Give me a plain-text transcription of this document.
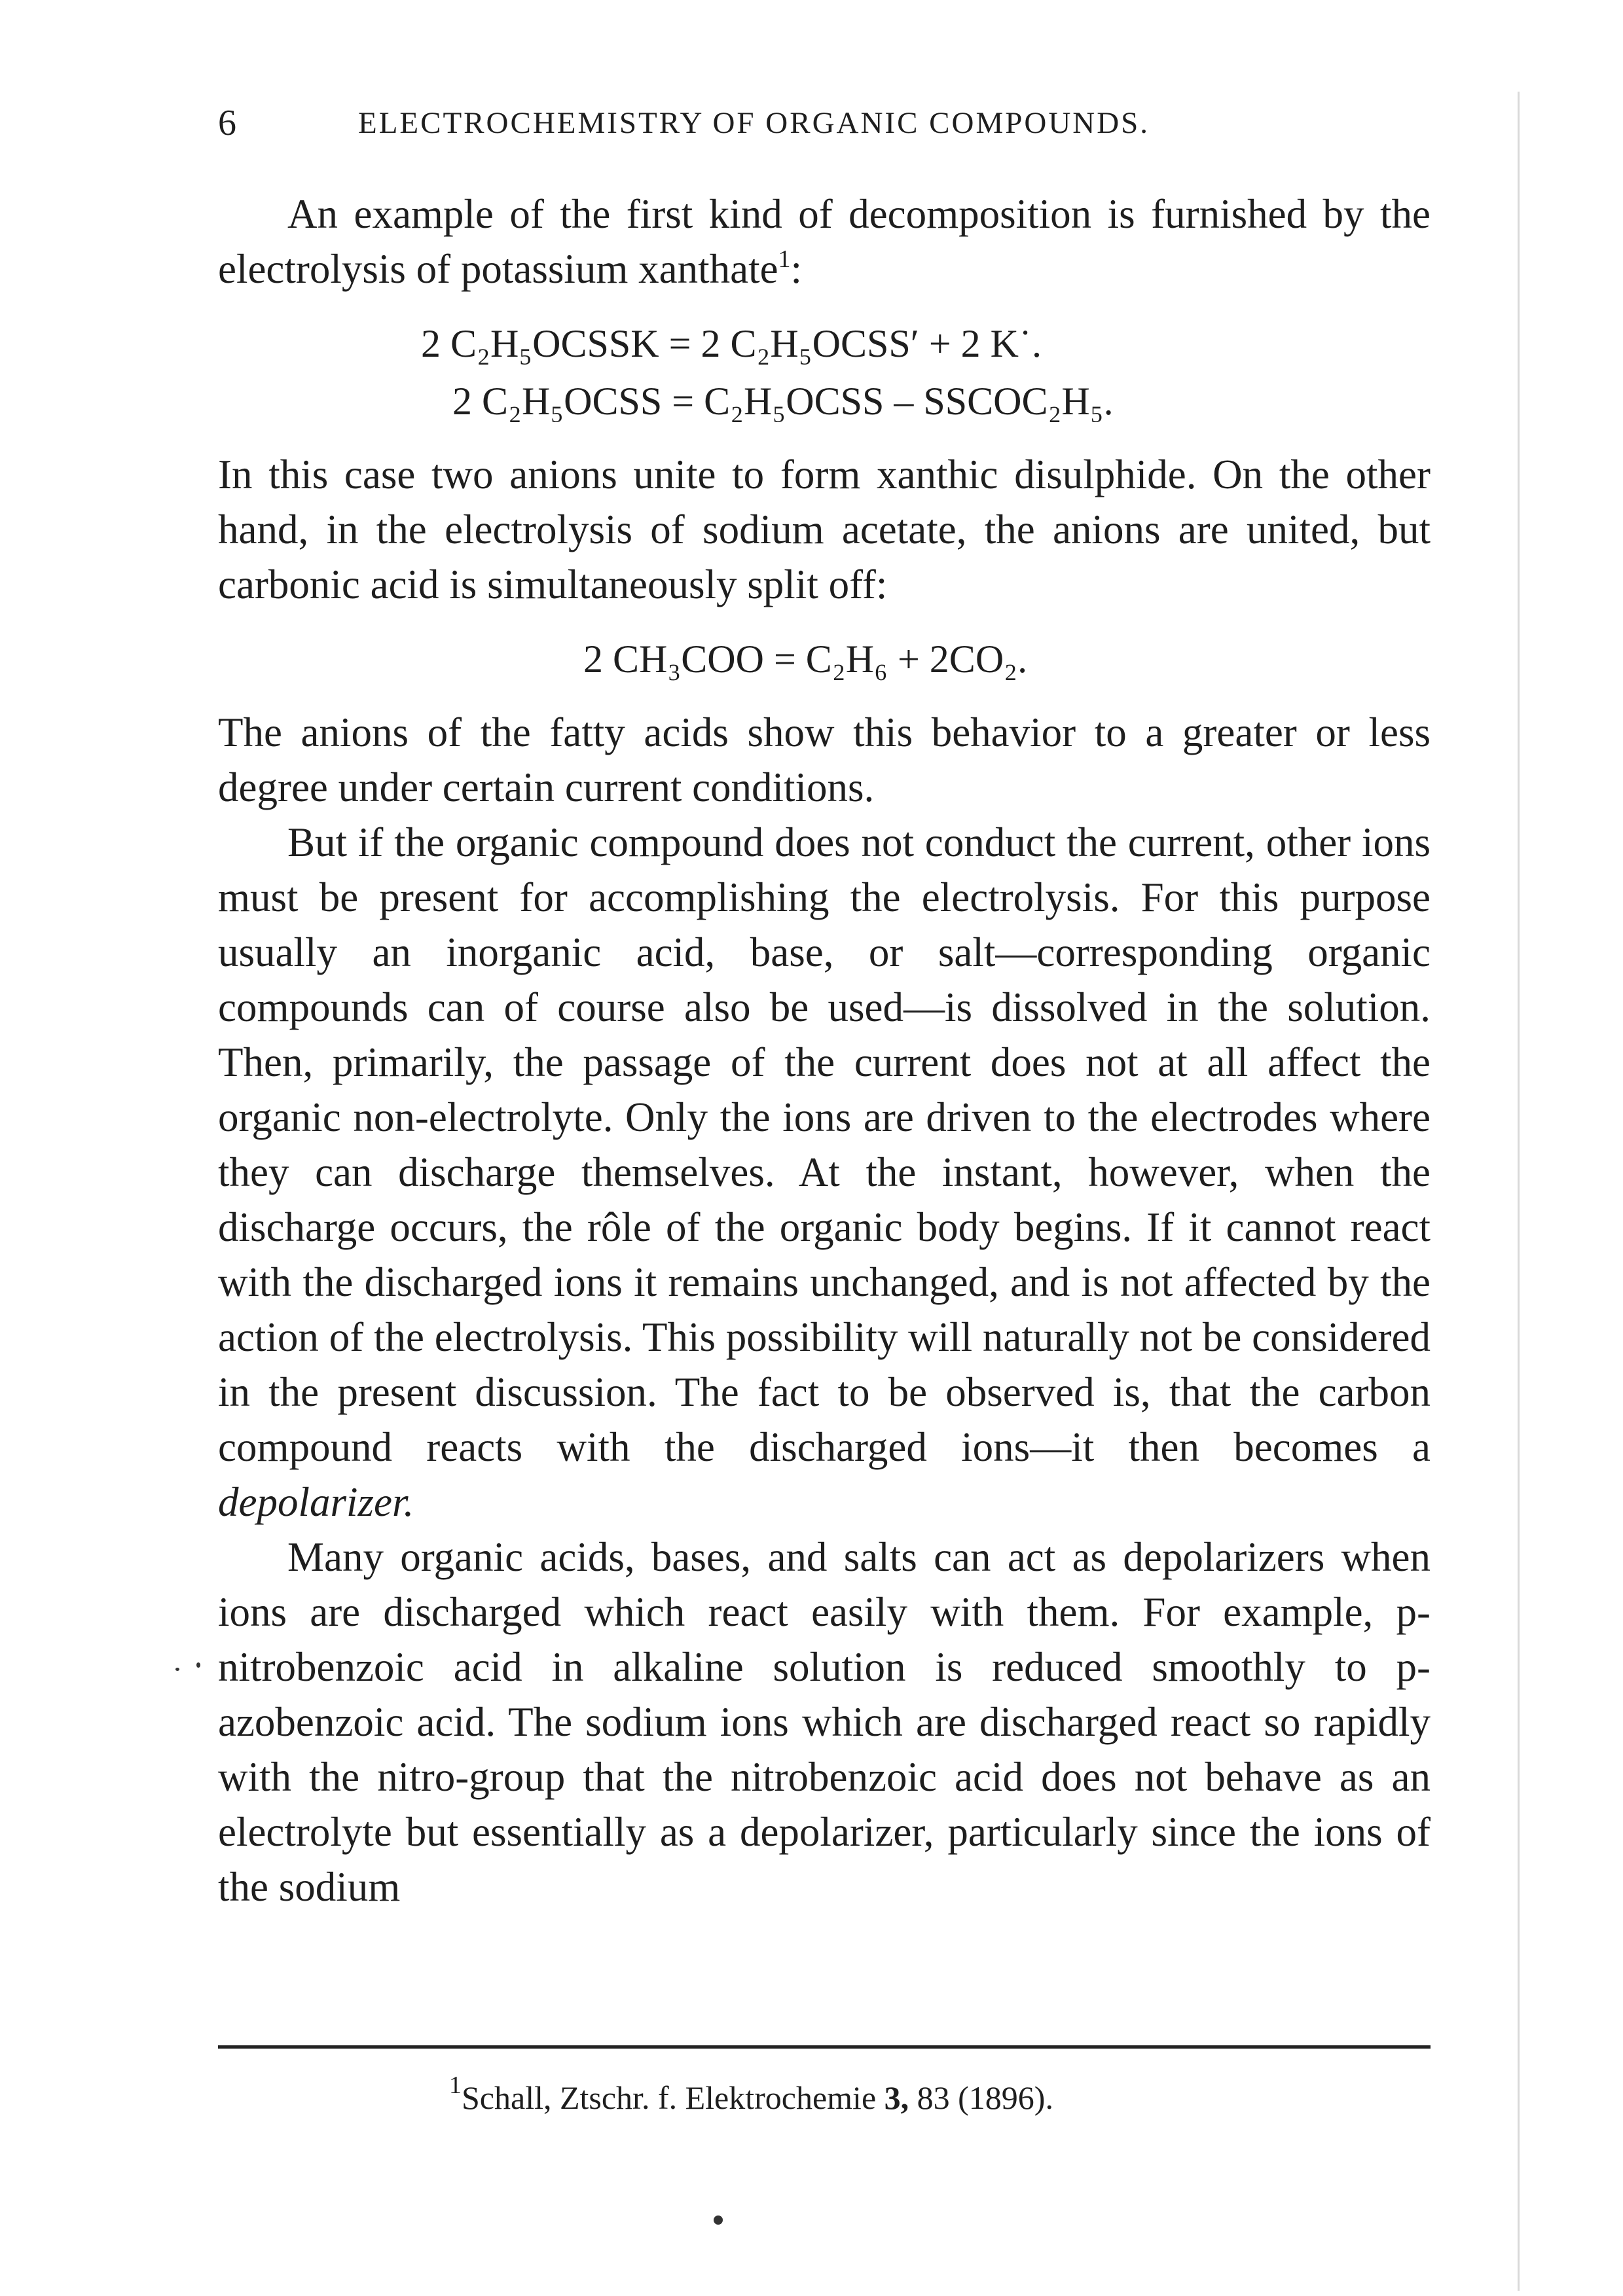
6	ELECTROCHEMISTRY OF ORGANIC COMPOUNDS.

An example of the first kind of decomposition is furnished by the electrolysis of potassium xanthate$^1$:

2 C₂H₅OCSSK = 2 C₂H₅OCSS′ + 2 K˙.
2 C₂H₅OCSS = C₂H₅OCSS – SSCOC₂H₅.

In this case two anions unite to form xanthic disulphide. On the other hand, in the electrolysis of sodium acetate, the anions are united, but carbonic acid is simultaneously split off:

2 CH₃COO = C₂H₆ + 2CO₂.

The anions of the fatty acids show this behavior to a greater or less degree under certain current conditions.

But if the organic compound does not conduct the current, other ions must be present for accomplishing the electrolysis. For this purpose usually an inorganic acid, base, or salt—corresponding organic compounds can of course also be used—is dissolved in the solution. Then, primarily, the passage of the current does not at all affect the organic non-electrolyte. Only the ions are driven to the electrodes where they can discharge themselves. At the instant, however, when the discharge occurs, the rôle of the organic body begins. If it cannot react with the discharged ions it remains unchanged, and is not affected by the action of the electrolysis. This possibility will naturally not be considered in the present discussion. The fact to be observed is, that the carbon compound reacts with the discharged ions—it then becomes a depolarizer.

Many organic acids, bases, and salts can act as depolarizers when ions are discharged which react easily with them. For example, p-nitrobenzoic acid in alkaline solution is reduced smoothly to p-azobenzoic acid. The sodium ions which are discharged react so rapidly with the nitro-group that the nitrobenzoic acid does not behave as an electrolyte but essentially as a depolarizer, particularly since the ions of the sodium

$^1$Schall, Ztschr. f. Elektrochemie 3, 83 (1896).
